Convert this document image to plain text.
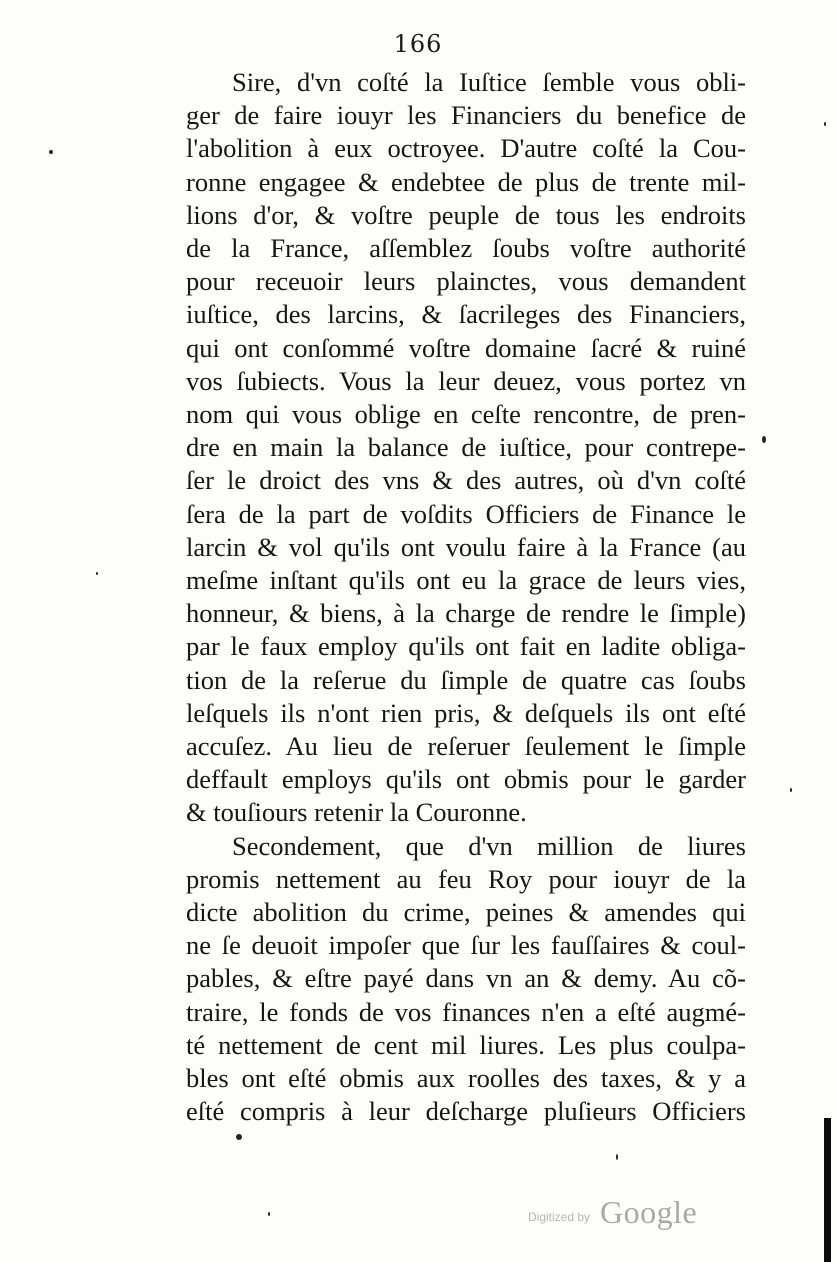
166
Sire, d'vn coſté la Iuſtice ſemble vous obli-
ger de faire iouyr les Financiers du benefice de
l'abolition à eux octroyee. D'autre coſté la Cou-
ronne engagee & endebtee de plus de trente mil-
lions d'or, & voſtre peuple de tous les endroits
de la France, aſſemblez ſoubs voſtre authorité
pour receuoir leurs plainctes, vous demandent
iuſtice, des larcins, & ſacrileges des Financiers,
qui ont conſommé voſtre domaine ſacré & ruiné
vos ſubiects. Vous la leur deuez, vous portez vn
nom qui vous oblige en ceſte rencontre, de pren-
dre en main la balance de iuſtice, pour contrepe-
ſer le droict des vns & des autres, où d'vn coſté
ſera de la part de voſdits Officiers de Finance le
larcin & vol qu'ils ont voulu faire à la France (au
meſme inſtant qu'ils ont eu la grace de leurs vies,
honneur, & biens, à la charge de rendre le ſimple)
par le faux employ qu'ils ont fait en ladite obliga-
tion de la reſerue du ſimple de quatre cas ſoubs
leſquels ils n'ont rien pris, & deſquels ils ont eſté
accuſez. Au lieu de reſeruer ſeulement le ſimple
deffault employs qu'ils ont obmis pour le garder
& touſiours retenir la Couronne.
Secondement, que d'vn million de liures
promis nettement au feu Roy pour iouyr de la
dicte abolition du crime, peines & amendes qui
ne ſe deuoit impoſer que ſur les fauſſaires & coul-
pables, & eſtre payé dans vn an & demy. Au cõ-
traire, le fonds de vos finances n'en a eſté augmé-
té nettement de cent mil liures. Les plus coulpa-
bles ont eſté obmis aux roolles des taxes, & y a
eſté compris à leur deſcharge pluſieurs Officiers
Digitized by Google
